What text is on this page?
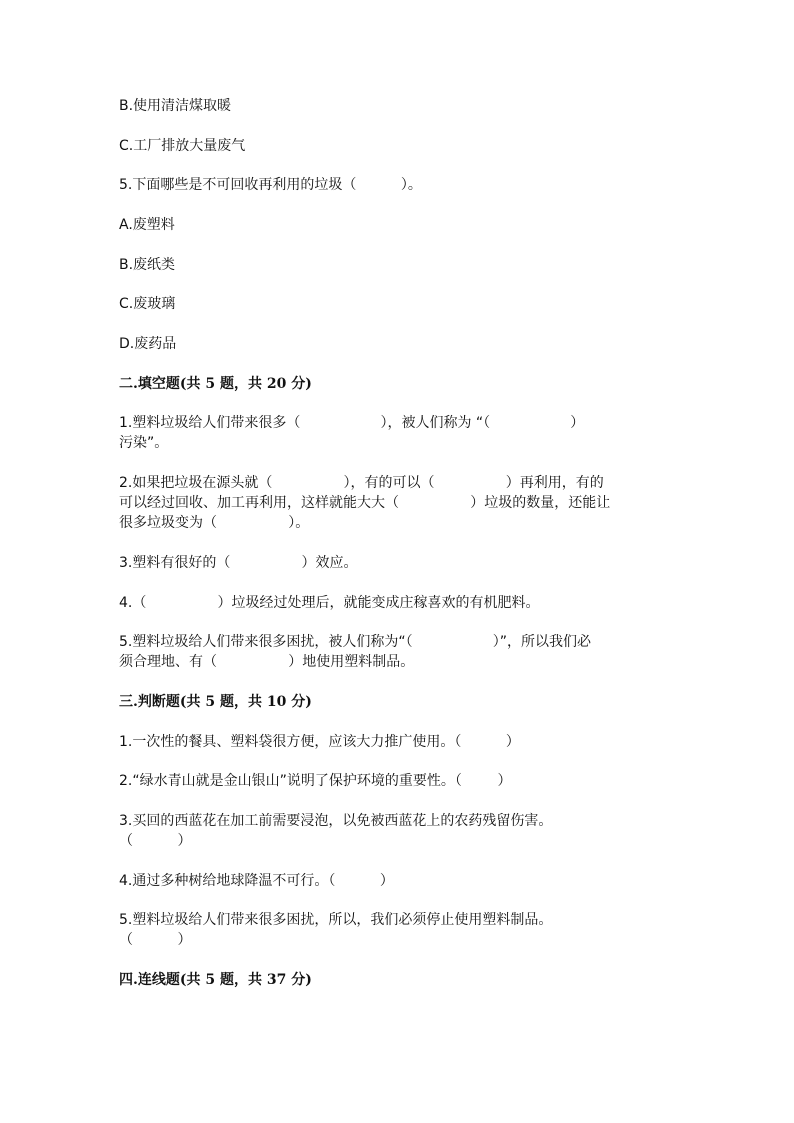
B.使用清洁煤取暖
C.工厂排放大量废气
5.下面哪些是不可回收再利用的垃圾（          ）。
A.废塑料
B.废纸类
C.废玻璃
D.废药品
二.填空题(共 5 题，共 20 分)
1.塑料垃圾给人们带来很多（                  ），被人们称为 “（                  ）
污染”。
2.如果把垃圾在源头就（                ），有的可以（                ）再利用，有的
可以经过回收、加工再利用，这样就能大大（                ）垃圾的数量，还能让
很多垃圾变为（                ）。
3.塑料有很好的（                ）效应。
4.（                ）垃圾经过处理后，就能变成庄稼喜欢的有机肥料。
5.塑料垃圾给人们带来很多困扰，被人们称为“（                  ）”，所以我们必
须合理地、有（                ）地使用塑料制品。
三.判断题(共 5 题，共 10 分)
1.一次性的餐具、塑料袋很方便，应该大力推广使用。（          ）
2.“绿水青山就是金山银山”说明了保护环境的重要性。（        ）
3.买回的西蓝花在加工前需要浸泡，以免被西蓝花上的农药残留伤害。
（          ）
4.通过多种树给地球降温不可行。（          ）
5.塑料垃圾给人们带来很多困扰，所以，我们必须停止使用塑料制品。
（          ）
四.连线题(共 5 题，共 37 分)
